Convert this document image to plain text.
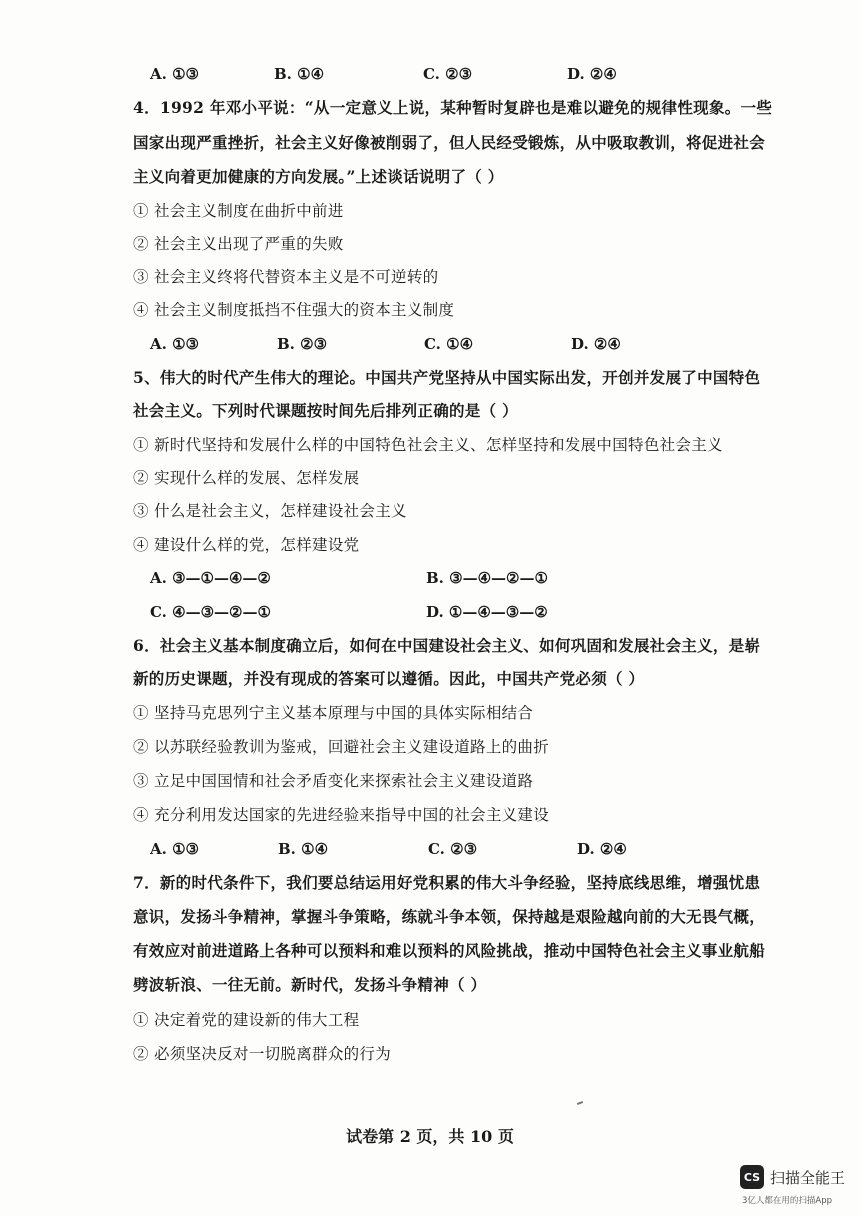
A. ①③	B. ①④	C. ②③	D. ②④
4．1992 年邓小平说：“从一定意义上说，某种暂时复辟也是难以避免的规律性现象。一些
国家出现严重挫折，社会主义好像被削弱了，但人民经受锻炼，从中吸取教训，将促进社会
主义向着更加健康的方向发展。”上述谈话说明了（ ）
① 社会主义制度在曲折中前进
② 社会主义出现了严重的失败
③ 社会主义终将代替资本主义是不可逆转的
④ 社会主义制度抵挡不住强大的资本主义制度
A. ①③	B. ②③	C. ①④	D. ②④
5、伟大的时代产生伟大的理论。中国共产党坚持从中国实际出发，开创并发展了中国特色
社会主义。下列时代课题按时间先后排列正确的是（ ）
① 新时代坚持和发展什么样的中国特色社会主义、怎样坚持和发展中国特色社会主义
② 实现什么样的发展、怎样发展
③ 什么是社会主义，怎样建设社会主义
④ 建设什么样的党，怎样建设党
A. ③—①—④—②	B. ③—④—②—①
C. ④—③—②—①	D. ①—④—③—②
6．社会主义基本制度确立后，如何在中国建设社会主义、如何巩固和发展社会主义，是崭
新的历史课题，并没有现成的答案可以遵循。因此，中国共产党必须（ ）
① 坚持马克思列宁主义基本原理与中国的具体实际相结合
② 以苏联经验教训为鉴戒，回避社会主义建设道路上的曲折
③ 立足中国国情和社会矛盾变化来探索社会主义建设道路
④ 充分利用发达国家的先进经验来指导中国的社会主义建设
A. ①③	B. ①④	C. ②③	D. ②④
7．新的时代条件下，我们要总结运用好党积累的伟大斗争经验，坚持底线思维，增强忧患
意识，发扬斗争精神，掌握斗争策略，练就斗争本领，保持越是艰险越向前的大无畏气概，
有效应对前进道路上各种可以预料和难以预料的风险挑战，推动中国特色社会主义事业航船
劈波斩浪、一往无前。新时代，发扬斗争精神（ ）
① 决定着党的建设新的伟大工程
② 必须坚决反对一切脱离群众的行为
试卷第 2 页，共 10 页
CS 扫描全能王
3亿人都在用的扫描App
